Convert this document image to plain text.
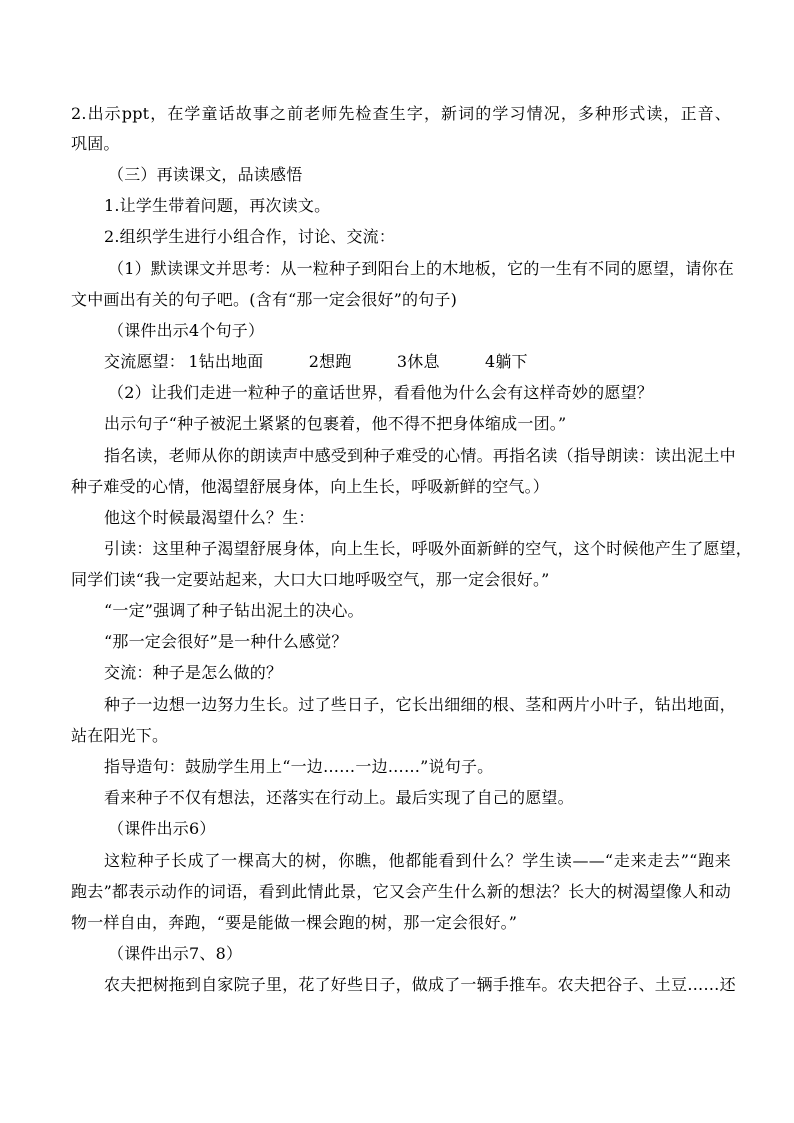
2.出示ppt，在学童话故事之前老师先检查生字，新词的学习情况，多种形式读，正音、
巩固。
（三）再读课文，品读感悟
1.让学生带着问题，再次读文。
2.组织学生进行小组合作，讨论、交流：
（1）默读课文并思考：从一粒种子到阳台上的木地板，它的一生有不同的愿望，请你在
文中画出有关的句子吧。(含有“那一定会很好”的句子)
（课件出示4个句子）
交流愿望： 1钻出地面	2想跑	3休息	4躺下
（2）让我们走进一粒种子的童话世界，看看他为什么会有这样奇妙的愿望？
出示句子“种子被泥土紧紧的包裹着，他不得不把身体缩成一团。”
指名读，老师从你的朗读声中感受到种子难受的心情。再指名读（指导朗读：读出泥土中
种子难受的心情，他渴望舒展身体，向上生长，呼吸新鲜的空气。）
他这个时候最渴望什么？生：
引读：这里种子渴望舒展身体，向上生长，呼吸外面新鲜的空气，这个时候他产生了愿望，
同学们读“我一定要站起来，大口大口地呼吸空气，那一定会很好。”
“一定”强调了种子钻出泥土的决心。
“那一定会很好”是一种什么感觉？
交流：种子是怎么做的？
种子一边想一边努力生长。过了些日子，它长出细细的根、茎和两片小叶子，钻出地面，
站在阳光下。
指导造句：鼓励学生用上“一边……一边……”说句子。
看来种子不仅有想法，还落实在行动上。最后实现了自己的愿望。
（课件出示6）
这粒种子长成了一棵高大的树，你瞧，他都能看到什么？学生读——“走来走去”“跑来
跑去”都表示动作的词语，看到此情此景，它又会产生什么新的想法？长大的树渴望像人和动
物一样自由，奔跑，“要是能做一棵会跑的树，那一定会很好。”
（课件出示7、8）
农夫把树拖到自家院子里，花了好些日子，做成了一辆手推车。农夫把谷子、土豆……还
